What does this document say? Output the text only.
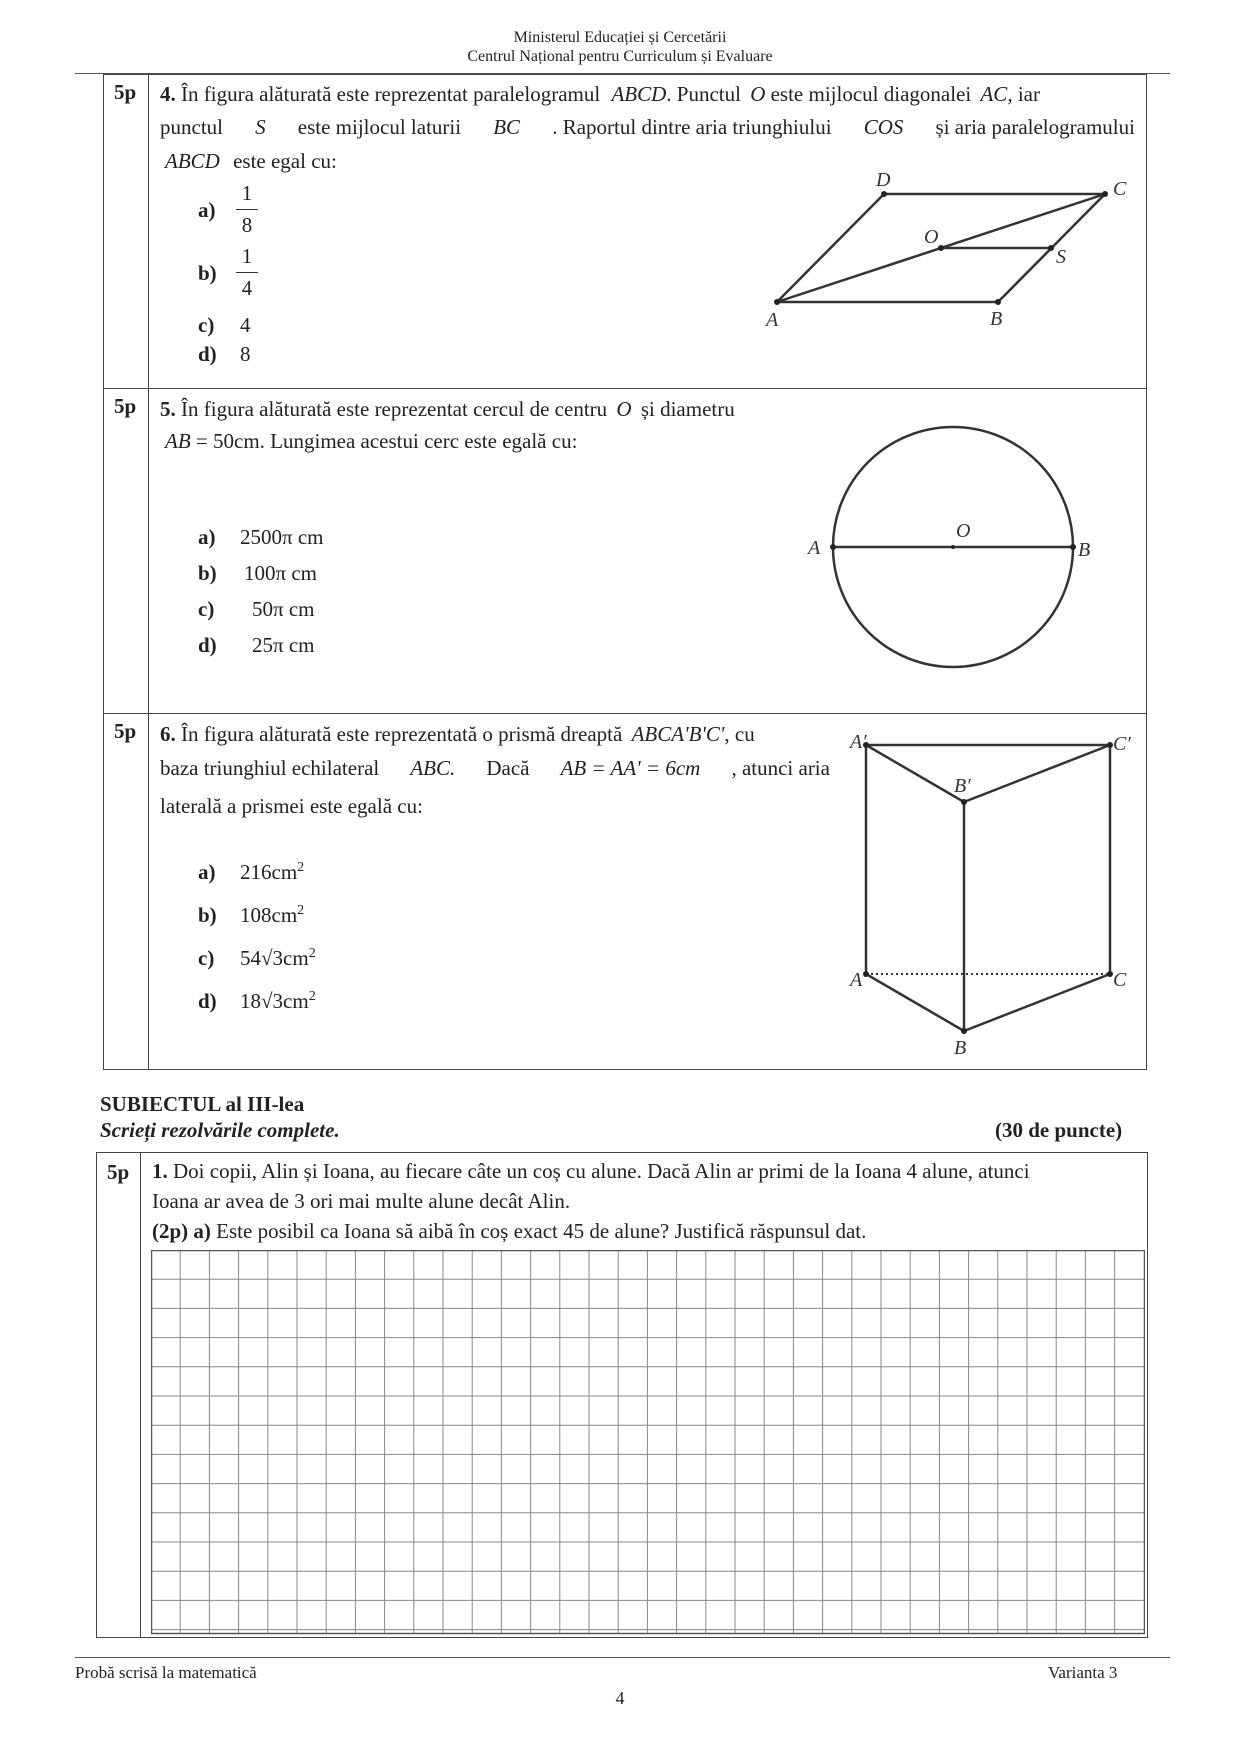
Ministerul Educației și Cercetării
Centrul Național pentru Curriculum și Evaluare
5p 4. În figura alăturată este reprezentat paralelogramul ABCD. Punctul O este mijlocul diagonalei AC, iar
punctul S este mijlocul laturii BC . Raportul dintre aria triunghiului COS și aria paralelogramului
ABCD este egal cu:
a)
1
8
b)
1
4
c) 4
d) 8
A	B
C
D
O
S
5p 5. În figura alăturată este reprezentat cercul de centru O și diametru
AB = 50cm. Lungimea acestui cerc este egală cu:
a) 2500π cm
b) 100π cm
c) 50π cm
d) 25π cm
A	B
O
5p 6. În figura alăturată este reprezentată o prismă dreaptă ABCA'B'C', cu
baza triunghiul echilateral ABC. Dacă AB = AA' = 6cm , atunci aria
laterală a prismei este egală cu:
a) $216cm^2$
b) $108cm^2$
c) $54√3cm^2$
d) $18√3cm^2$
A′	C′
B′
A	C
B
SUBIECTUL al III-lea
Scrieți rezolvările complete.	(30 de puncte)
5p 1. Doi copii, Alin și Ioana, au fiecare câte un coș cu alune. Dacă Alin ar primi de la Ioana 4 alune, atunci
Ioana ar avea de 3 ori mai multe alune decât Alin.
(2p) a) Este posibil ca Ioana să aibă în coș exact 45 de alune? Justifică răspunsul dat.
Probă scrisă la matematică	Varianta 3
4
